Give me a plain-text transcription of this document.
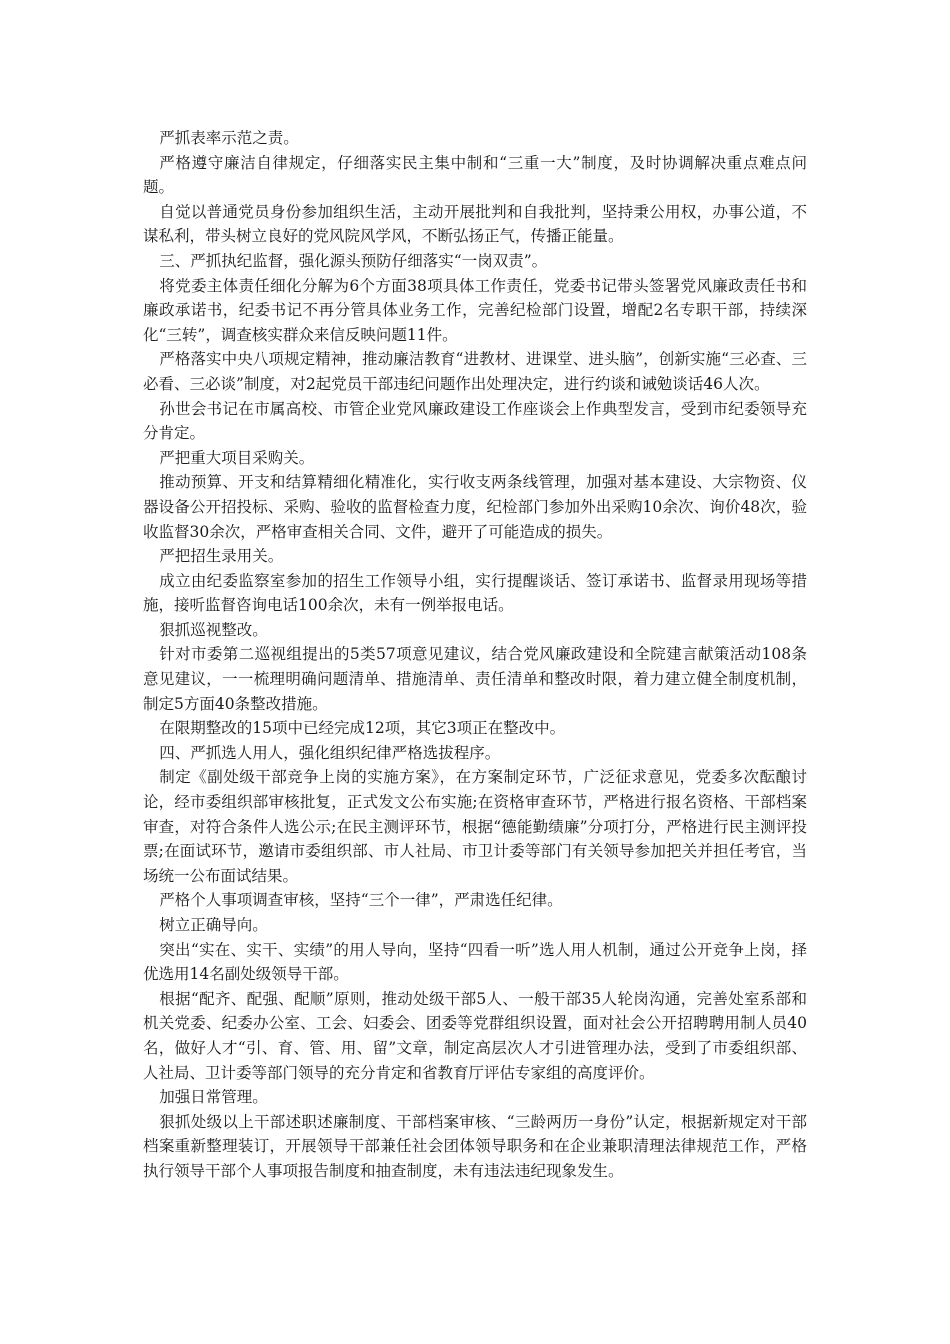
严抓表率示范之责。

严格遵守廉洁自律规定，仔细落实民主集中制和“三重一大”制度，及时协调解决重点难点问题。

自觉以普通党员身份参加组织生活，主动开展批判和自我批判，坚持秉公用权，办事公道，不谋私利，带头树立良好的党风院风学风，不断弘扬正气，传播正能量。

三、严抓执纪监督，强化源头预防仔细落实“一岗双责”。

将党委主体责任细化分解为6个方面38项具体工作责任，党委书记带头签署党风廉政责任书和廉政承诺书，纪委书记不再分管具体业务工作，完善纪检部门设置，增配2名专职干部，持续深化“三转”，调查核实群众来信反映问题11件。

严格落实中央八项规定精神，推动廉洁教育“进教材、进课堂、进头脑”，创新实施“三必查、三必看、三必谈”制度，对2起党员干部违纪问题作出处理决定，进行约谈和诫勉谈话46人次。

孙世会书记在市属高校、市管企业党风廉政建设工作座谈会上作典型发言，受到市纪委领导充分肯定。

严把重大项目采购关。

推动预算、开支和结算精细化精准化，实行收支两条线管理，加强对基本建设、大宗物资、仪器设备公开招投标、采购、验收的监督检查力度，纪检部门参加外出采购10余次、询价48次，验收监督30余次，严格审查相关合同、文件，避开了可能造成的损失。

严把招生录用关。

成立由纪委监察室参加的招生工作领导小组，实行提醒谈话、签订承诺书、监督录用现场等措施，接听监督咨询电话100余次，未有一例举报电话。

狠抓巡视整改。

针对市委第二巡视组提出的5类57项意见建议，结合党风廉政建设和全院建言献策活动108条意见建议，一一梳理明确问题清单、措施清单、责任清单和整改时限，着力建立健全制度机制，制定5方面40条整改措施。

在限期整改的15项中已经完成12项，其它3项正在整改中。

四、严抓选人用人，强化组织纪律严格选拔程序。

制定《副处级干部竞争上岗的实施方案》，在方案制定环节，广泛征求意见，党委多次酝酿讨论，经市委组织部审核批复，正式发文公布实施;在资格审查环节，严格进行报名资格、干部档案审查，对符合条件人选公示;在民主测评环节，根据“德能勤绩廉”分项打分，严格进行民主测评投票;在面试环节，邀请市委组织部、市人社局、市卫计委等部门有关领导参加把关并担任考官，当场统一公布面试结果。

严格个人事项调查审核，坚持“三个一律”，严肃选任纪律。

树立正确导向。

突出“实在、实干、实绩”的用人导向，坚持“四看一听”选人用人机制，通过公开竞争上岗，择优选用14名副处级领导干部。

根据“配齐、配强、配顺”原则，推动处级干部5人、一般干部35人轮岗沟通，完善处室系部和机关党委、纪委办公室、工会、妇委会、团委等党群组织设置，面对社会公开招聘聘用制人员40名，做好人才“引、育、管、用、留”文章，制定高层次人才引进管理办法，受到了市委组织部、人社局、卫计委等部门领导的充分肯定和省教育厅评估专家组的高度评价。

加强日常管理。

狠抓处级以上干部述职述廉制度、干部档案审核、“三龄两历一身份”认定，根据新规定对干部档案重新整理装订，开展领导干部兼任社会团体领导职务和在企业兼职清理法律规范工作，严格执行领导干部个人事项报告制度和抽查制度，未有违法违纪现象发生。
